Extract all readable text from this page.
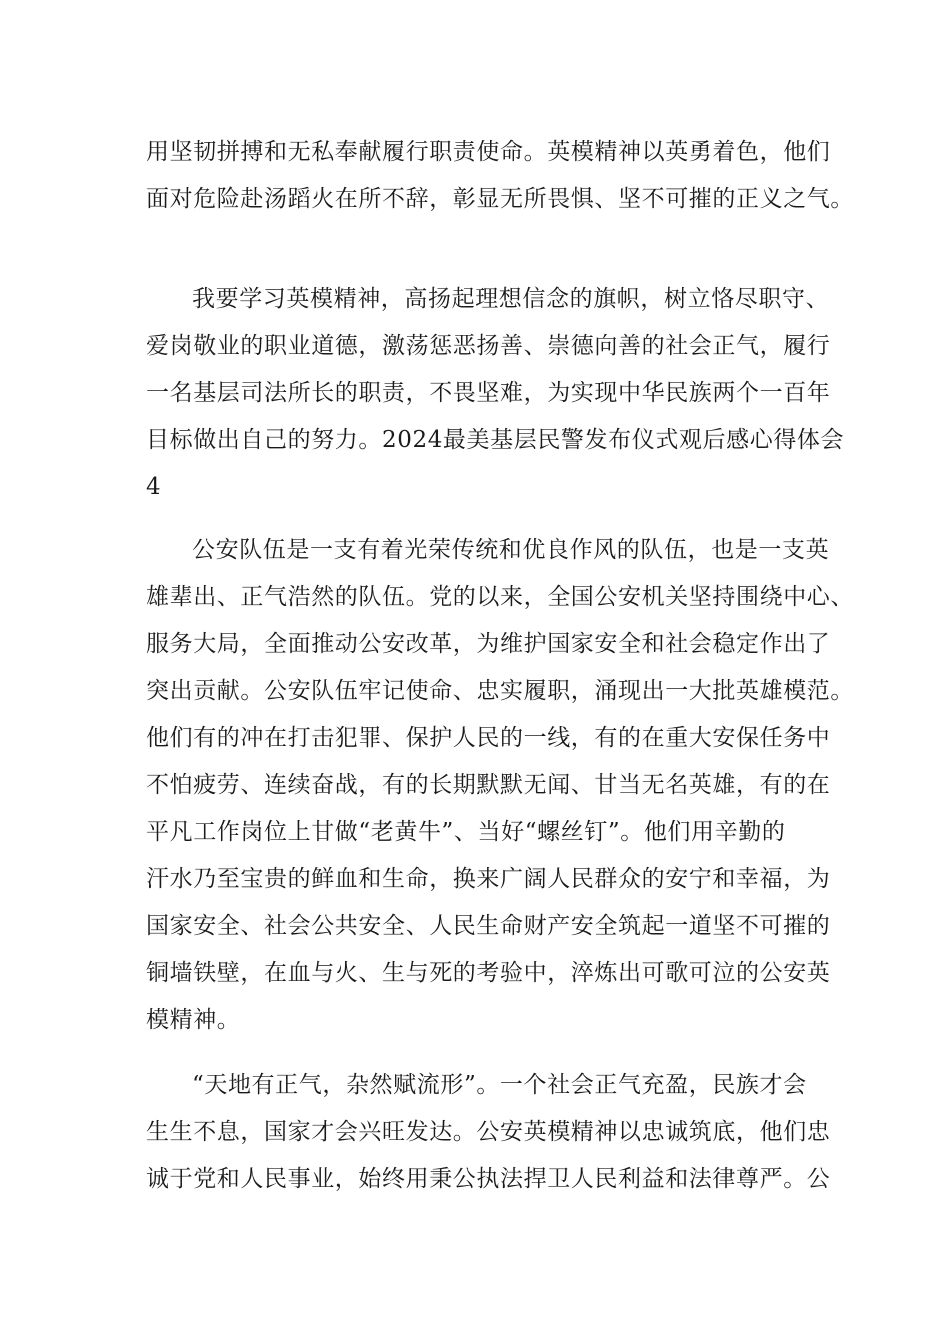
用坚韧拼搏和无私奉献履行职责使命。英模精神以英勇着色，他们
面对危险赴汤蹈火在所不辞，彰显无所畏惧、坚不可摧的正义之气。
我要学习英模精神，高扬起理想信念的旗帜，树立恪尽职守、
爱岗敬业的职业道德，激荡惩恶扬善、崇德向善的社会正气，履行
一名基层司法所长的职责，不畏坚难，为实现中华民族两个一百年
目标做出自己的努力。2024最美基层民警发布仪式观后感心得体会
4
公安队伍是一支有着光荣传统和优良作风的队伍，也是一支英
雄辈出、正气浩然的队伍。党的以来，全国公安机关坚持围绕中心、
服务大局，全面推动公安改革，为维护国家安全和社会稳定作出了
突出贡献。公安队伍牢记使命、忠实履职，涌现出一大批英雄模范。
他们有的冲在打击犯罪、保护人民的一线，有的在重大安保任务中
不怕疲劳、连续奋战，有的长期默默无闻、甘当无名英雄，有的在
平凡工作岗位上甘做“老黄牛”、当好“螺丝钉”。他们用辛勤的
汗水乃至宝贵的鲜血和生命，换来广阔人民群众的安宁和幸福，为
国家安全、社会公共安全、人民生命财产安全筑起一道坚不可摧的
铜墙铁壁，在血与火、生与死的考验中，淬炼出可歌可泣的公安英
模精神。
“天地有正气，杂然赋流形”。一个社会正气充盈，民族才会
生生不息，国家才会兴旺发达。公安英模精神以忠诚筑底，他们忠
诚于党和人民事业，始终用秉公执法捍卫人民利益和法律尊严。公
